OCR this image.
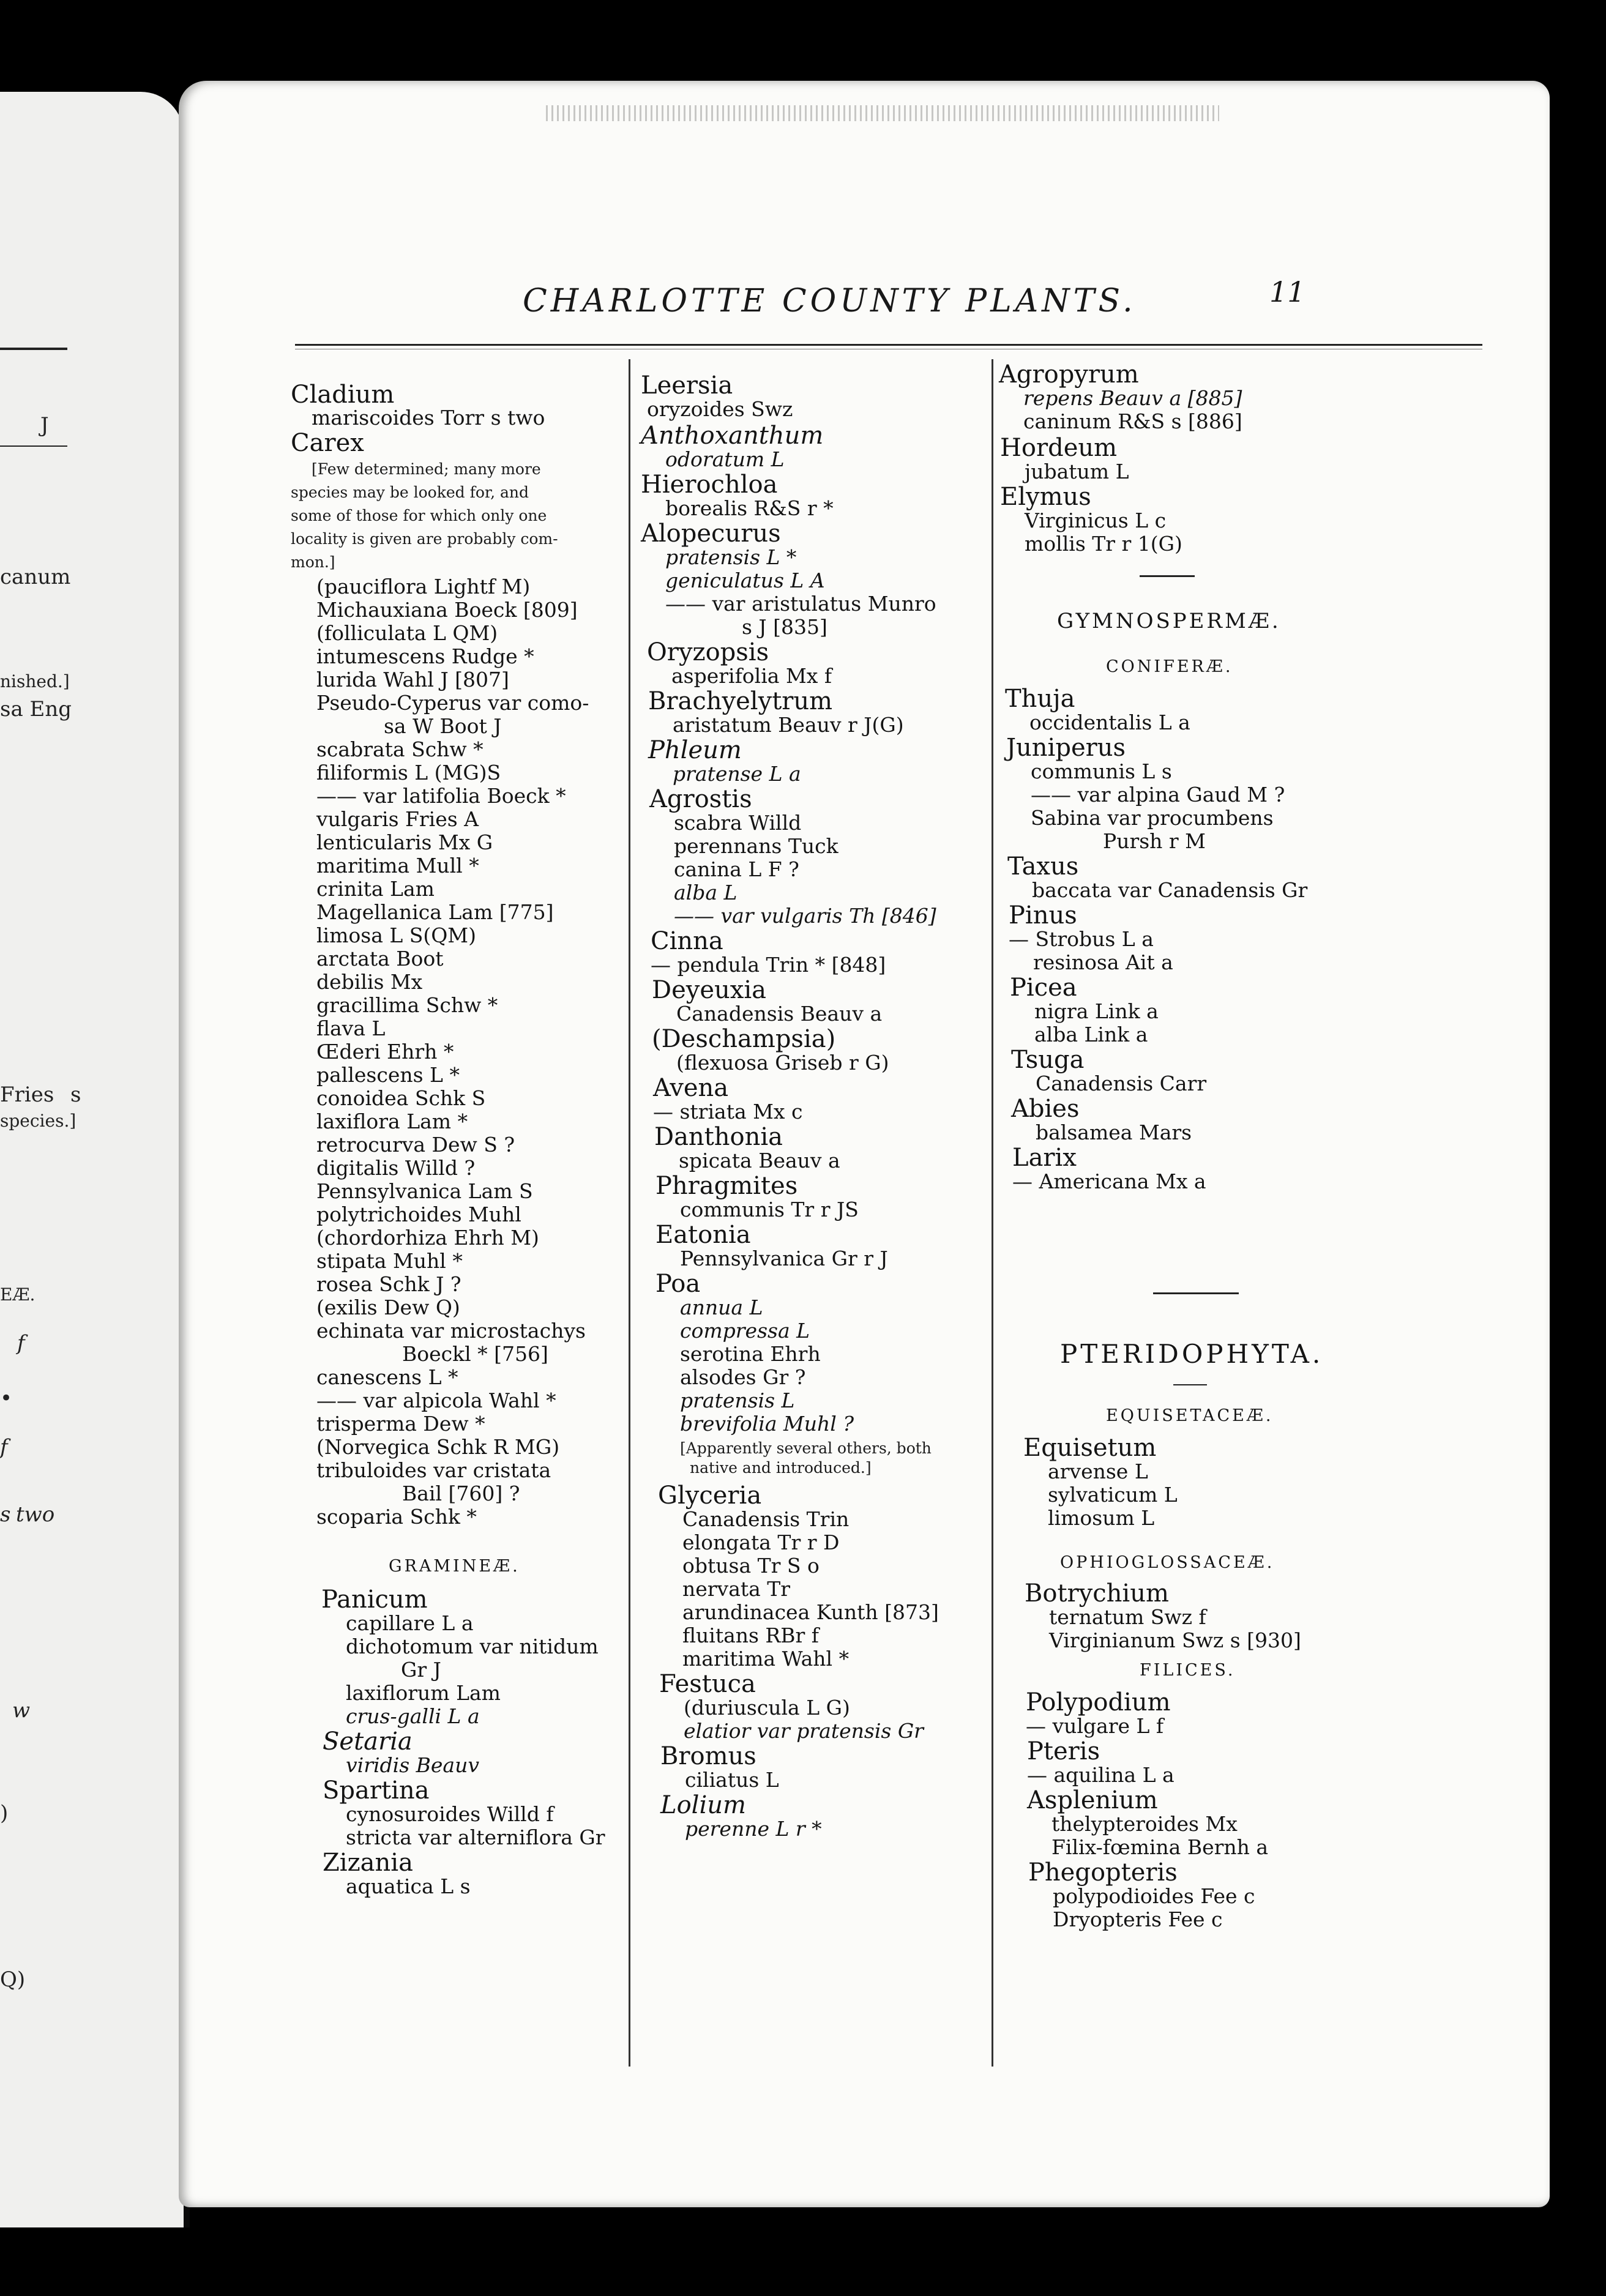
J
canum
nished.]
sa Eng
Fries s
species.]
EÆ.
f
•
f
s two
w
)
Q)
CHARLOTTE COUNTY PLANTS.	11
Cladium
mariscoides Torr s two
Carex
[Few determined; many more
species may be looked for, and
some of those for which only one
locality is given are probably com-
mon.]
(pauciflora Lightf M)
Michauxiana Boeck [809]
(folliculata L QM)
intumescens Rudge *
lurida Wahl J [807]
Pseudo-Cyperus var como-
sa W Boot J
scabrata Schw *
filiformis L (MG)S
—— var latifolia Boeck *
vulgaris Fries A
lenticularis Mx G
maritima Mull *
crinita Lam
Magellanica Lam [775]
limosa L S(QM)
arctata Boot
debilis Mx
gracillima Schw *
flava L
Œderi Ehrh *
pallescens L *
conoidea Schk S
laxiflora Lam *
retrocurva Dew S ?
digitalis Willd ?
Pennsylvanica Lam S
polytrichoides Muhl
(chordorhiza Ehrh M)
stipata Muhl *
rosea Schk J ?
(exilis Dew Q)
echinata var microstachys
Boeckl * [756]
canescens L *
—— var alpicola Wahl *
trisperma Dew *
(Norvegica Schk R MG)
tribuloides var cristata
Bail [760] ?
scoparia Schk *
GRAMINEÆ.
Panicum
capillare L a
dichotomum var nitidum
Gr J
laxiflorum Lam
crus-galli L a
Setaria
viridis Beauv
Spartina
cynosuroides Willd f
stricta var alterniflora Gr
Zizania
aquatica L s
Leersia
oryzoides Swz
Anthoxanthum
odoratum L
Hierochloa
borealis R&S r *
Alopecurus
pratensis L *
geniculatus L A
—— var aristulatus Munro
s J [835]
Oryzopsis
asperifolia Mx f
Brachyelytrum
aristatum Beauv r J(G)
Phleum
pratense L a
Agrostis
scabra Willd
perennans Tuck
canina L F ?
alba L
—— var vulgaris Th [846]
Cinna
— pendula Trin * [848]
Deyeuxia
Canadensis Beauv a
(Deschampsia)
(flexuosa Griseb r G)
Avena
— striata Mx c
Danthonia
spicata Beauv a
Phragmites
communis Tr r JS
Eatonia
Pennsylvanica Gr r J
Poa
annua L
compressa L
serotina Ehrh
alsodes Gr ?
pratensis L
brevifolia Muhl ?
[Apparently several others, both
native and introduced.]
Glyceria
Canadensis Trin
elongata Tr r D
obtusa Tr S o
nervata Tr
arundinacea Kunth [873]
fluitans RBr f
maritima Wahl *
Festuca
(duriuscula L G)
elatior var pratensis Gr
Bromus
ciliatus L
Lolium
perenne L r *
Agropyrum
repens Beauv a [885]
caninum R&S s [886]
Hordeum
jubatum L
Elymus
Virginicus L c
mollis Tr r 1(G)
GYMNOSPERMÆ.
CONIFERÆ.
Thuja
occidentalis L a
Juniperus
communis L s
—— var alpina Gaud M ?
Sabina var procumbens
Pursh r M
Taxus
baccata var Canadensis Gr
Pinus
— Strobus L a
resinosa Ait a
Picea
nigra Link a
alba Link a
Tsuga
Canadensis Carr
Abies
balsamea Mars
Larix
— Americana Mx a
PTERIDOPHYTA.
EQUISETACEÆ.
Equisetum
arvense L
sylvaticum L
limosum L
OPHIOGLOSSACEÆ.
Botrychium
ternatum Swz f
Virginianum Swz s [930]
FILICES.
Polypodium
— vulgare L f
Pteris
— aquilina L a
Asplenium
thelypteroides Mx
Filix-fœmina Bernh a
Phegopteris
polypodioides Fee c
Dryopteris Fee c
